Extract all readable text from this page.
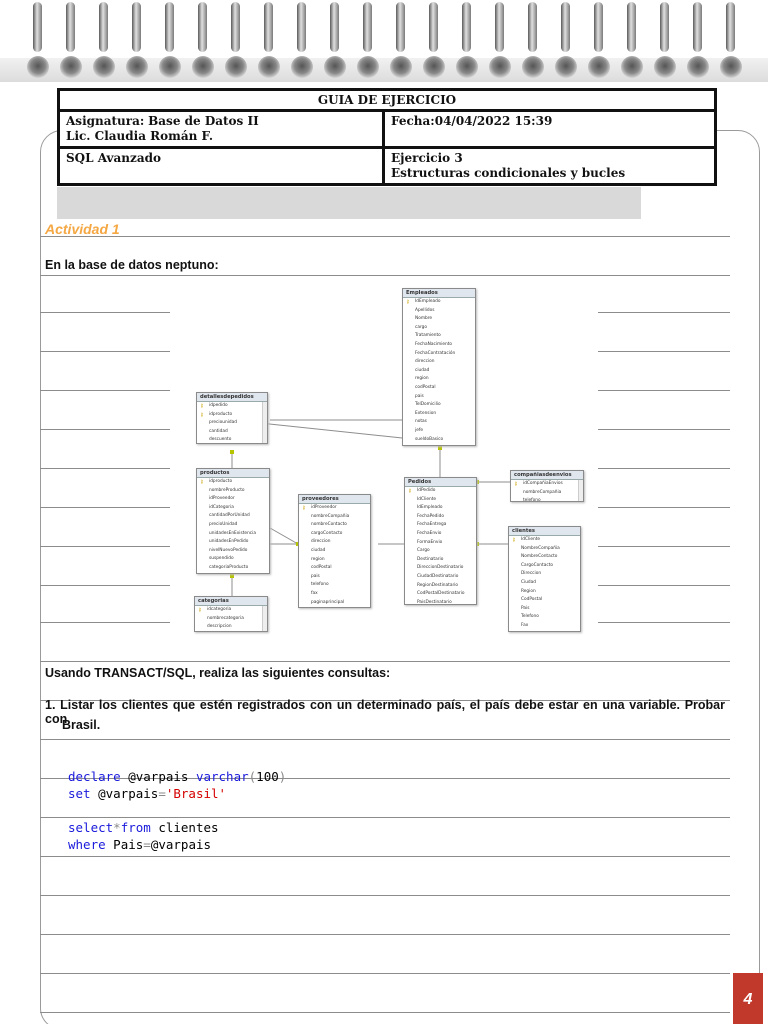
GUIA DE EJERCICIO
Asignatura: Base de Datos II
Lic. Claudia Román F.
Fecha:04/04/2022 15:39
SQL Avanzado	Ejercicio 3
Estructuras condicionales y bucles
Actividad 1
En la base de datos neptuno:
Empleados
⚷ IdEmpleado
Apellidos
Nombre
cargo
Tratamiento
FechaNacimiento
FechaContratación
direccion
ciudad
region
codPostal
pais
TelDomicilio
Extension
notas
jefe
sueldoBasico
detallesdepedidos
⚷ idpedido
⚷ idproducto
preciounidad
cantidad
descuento
productos
⚷ idproducto
nombreProducto
idProveedor
idCategoria
cantidadPorUnidad
precioUnidad
unidadesEnExistencia
unidadesEnPedido
nivelNuevoPedido
suspendido
categoriaProducto
proveedores
⚷ idProveedor
nombreCompañia
nombreContacto
cargoContacto
direccion
ciudad
region
codPostal
pais
telefono
fax
paginaprincipal
Pedidos
⚷ IdPedido
IdCliente
IdEmpleado
FechaPedido
FechaEntrega
FechaEnvio
FormaEnvio
Cargo
Destinatario
DireccionDestinatario
CiudadDestinatario
RegionDestinatario
CodPostalDestinatario
PaisDestinatario
compañiasdeenvios
⚷ idCompañiaEnvios
nombreCompañia
telefono
clientes
⚷ IdCliente
NombreCompañia
NombreContacto
CargoContacto
Direccion
Ciudad
Region
CodPostal
Pais
Telefono
Fax
categorias
⚷ idcategoria
nombrecategoria
descripcion
Usando TRANSACT/SQL, realiza las siguientes consultas:
1. Listar los clientes que estén registrados con un determinado país, el país debe estar en una variable. Probar con
Brasil.
declare @varpais varchar(100)
set @varpais='Brasil'
select*from clientes
where Pais=@varpais
4
